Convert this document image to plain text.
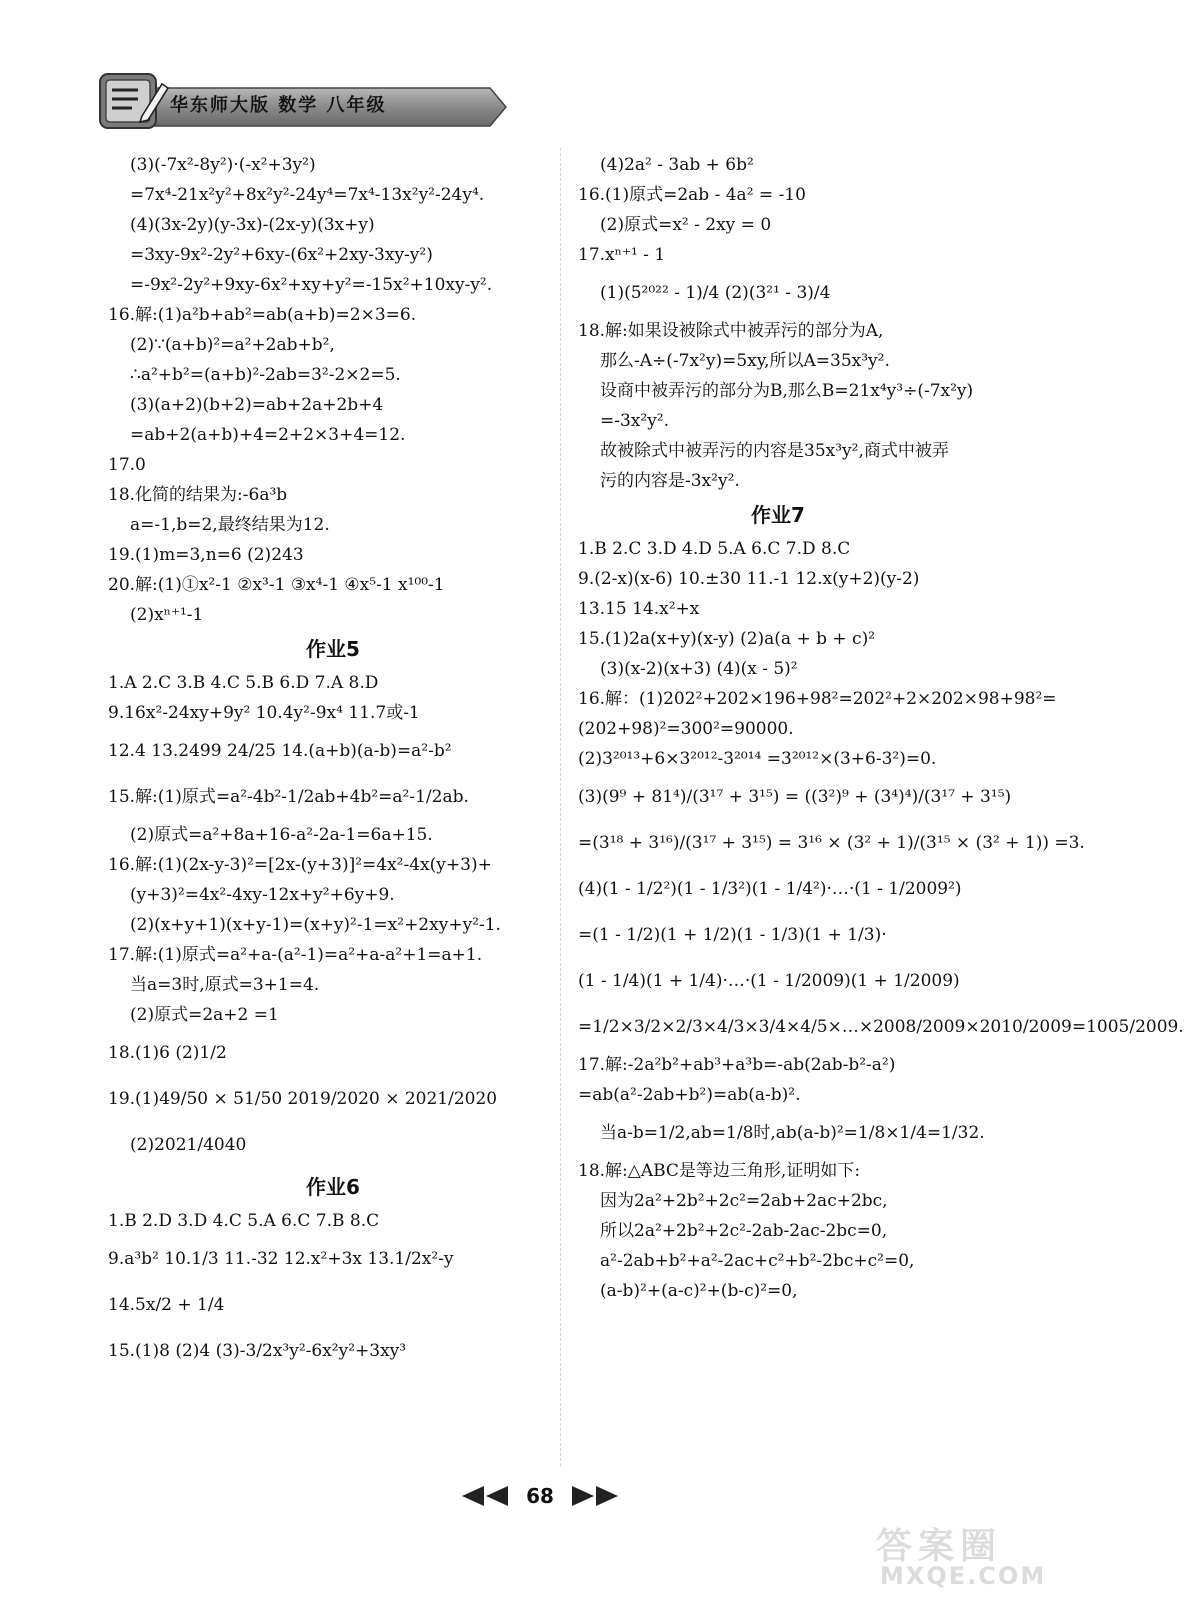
华东师大版 数学 八年级
(3)(-7x²-8y²)·(-x²+3y²)
=7x⁴-21x²y²+8x²y²-24y⁴=7x⁴-13x²y²-24y⁴.
(4)(3x-2y)(y-3x)-(2x-y)(3x+y)
=3xy-9x²-2y²+6xy-(6x²+2xy-3xy-y²)
=-9x²-2y²+9xy-6x²+xy+y²=-15x²+10xy-y².
16.解:(1)a²b+ab²=ab(a+b)=2×3=6.
(2)∵(a+b)²=a²+2ab+b²,
∴a²+b²=(a+b)²-2ab=3²-2×2=5.
(3)(a+2)(b+2)=ab+2a+2b+4
=ab+2(a+b)+4=2+2×3+4=12.
17.0
18.化简的结果为:-6a³b
a=-1,b=2,最终结果为12.
19.(1)m=3,n=6 (2)243
20.解:(1)①x²-1 ②x³-1 ③x⁴-1 ④x⁵-1 x¹⁰⁰-1
(2)xⁿ⁺¹-1
作业5
1.A 2.C 3.B 4.C 5.B 6.D 7.A 8.D
9.16x²-24xy+9y² 10.4y²-9x⁴ 11.7或-1
12.4 13.2499 24/25 14.(a+b)(a-b)=a²-b²
15.解:(1)原式=a²-4b²-1/2ab+4b²=a²-1/2ab.
(2)原式=a²+8a+16-a²-2a-1=6a+15.
16.解:(1)(2x-y-3)²=[2x-(y+3)]²=4x²-4x(y+3)+
(y+3)²=4x²-4xy-12x+y²+6y+9.
(2)(x+y+1)(x+y-1)=(x+y)²-1=x²+2xy+y²-1.
17.解:(1)原式=a²+a-(a²-1)=a²+a-a²+1=a+1.
当a=3时,原式=3+1=4.
(2)原式=2a+2 =1
18.(1)6 (2)1/2
19.(1)49/50 × 51/50 2019/2020 × 2021/2020
(2)2021/4040
作业6
1.B 2.D 3.D 4.C 5.A 6.C 7.B 8.C
9.a³b² 10.1/3 11.-32 12.x²+3x 13.1/2x²-y
14.5x/2 + 1/4
15.(1)8 (2)4 (3)-3/2x³y²-6x²y²+3xy³
(4)2a² - 3ab + 6b²
16.(1)原式=2ab - 4a² = -10
(2)原式=x² - 2xy = 0
17.xⁿ⁺¹ - 1
(1)(5²⁰²² - 1)/4 (2)(3²¹ - 3)/4
18.解:如果设被除式中被弄污的部分为A,
那么-A÷(-7x²y)=5xy,所以A=35x³y².
设商中被弄污的部分为B,那么B=21x⁴y³÷(-7x²y)
=-3x²y².
故被除式中被弄污的内容是35x³y²,商式中被弄
污的内容是-3x²y².
作业7
1.B 2.C 3.D 4.D 5.A 6.C 7.D 8.C
9.(2-x)(x-6) 10.±30 11.-1 12.x(y+2)(y-2)
13.15 14.x²+x
15.(1)2a(x+y)(x-y) (2)a(a + b + c)²
(3)(x-2)(x+3) (4)(x - 5)²
16.解：(1)202²+202×196+98²=202²+2×202×98+98²=
(202+98)²=300²=90000.
(2)3²⁰¹³+6×3²⁰¹²-3²⁰¹⁴ =3²⁰¹²×(3+6-3²)=0.
(3)(9⁹ + 81⁴)/(3¹⁷ + 3¹⁵) = ((3²)⁹ + (3⁴)⁴)/(3¹⁷ + 3¹⁵)
=(3¹⁸ + 3¹⁶)/(3¹⁷ + 3¹⁵) = 3¹⁶ × (3² + 1)/(3¹⁵ × (3² + 1)) =3.
(4)(1 - 1/2²)(1 - 1/3²)(1 - 1/4²)·…·(1 - 1/2009²)
=(1 - 1/2)(1 + 1/2)(1 - 1/3)(1 + 1/3)·
(1 - 1/4)(1 + 1/4)·…·(1 - 1/2009)(1 + 1/2009)
=1/2×3/2×2/3×4/3×3/4×4/5×…×2008/2009×2010/2009=1005/2009.
17.解:-2a²b²+ab³+a³b=-ab(2ab-b²-a²)
=ab(a²-2ab+b²)=ab(a-b)².
当a-b=1/2,ab=1/8时,ab(a-b)²=1/8×1/4=1/32.
18.解:△ABC是等边三角形,证明如下:
因为2a²+2b²+2c²=2ab+2ac+2bc,
所以2a²+2b²+2c²-2ab-2ac-2bc=0,
a²-2ab+b²+a²-2ac+c²+b²-2bc+c²=0,
(a-b)²+(a-c)²+(b-c)²=0,
68
答案圈
MXQE.COM
